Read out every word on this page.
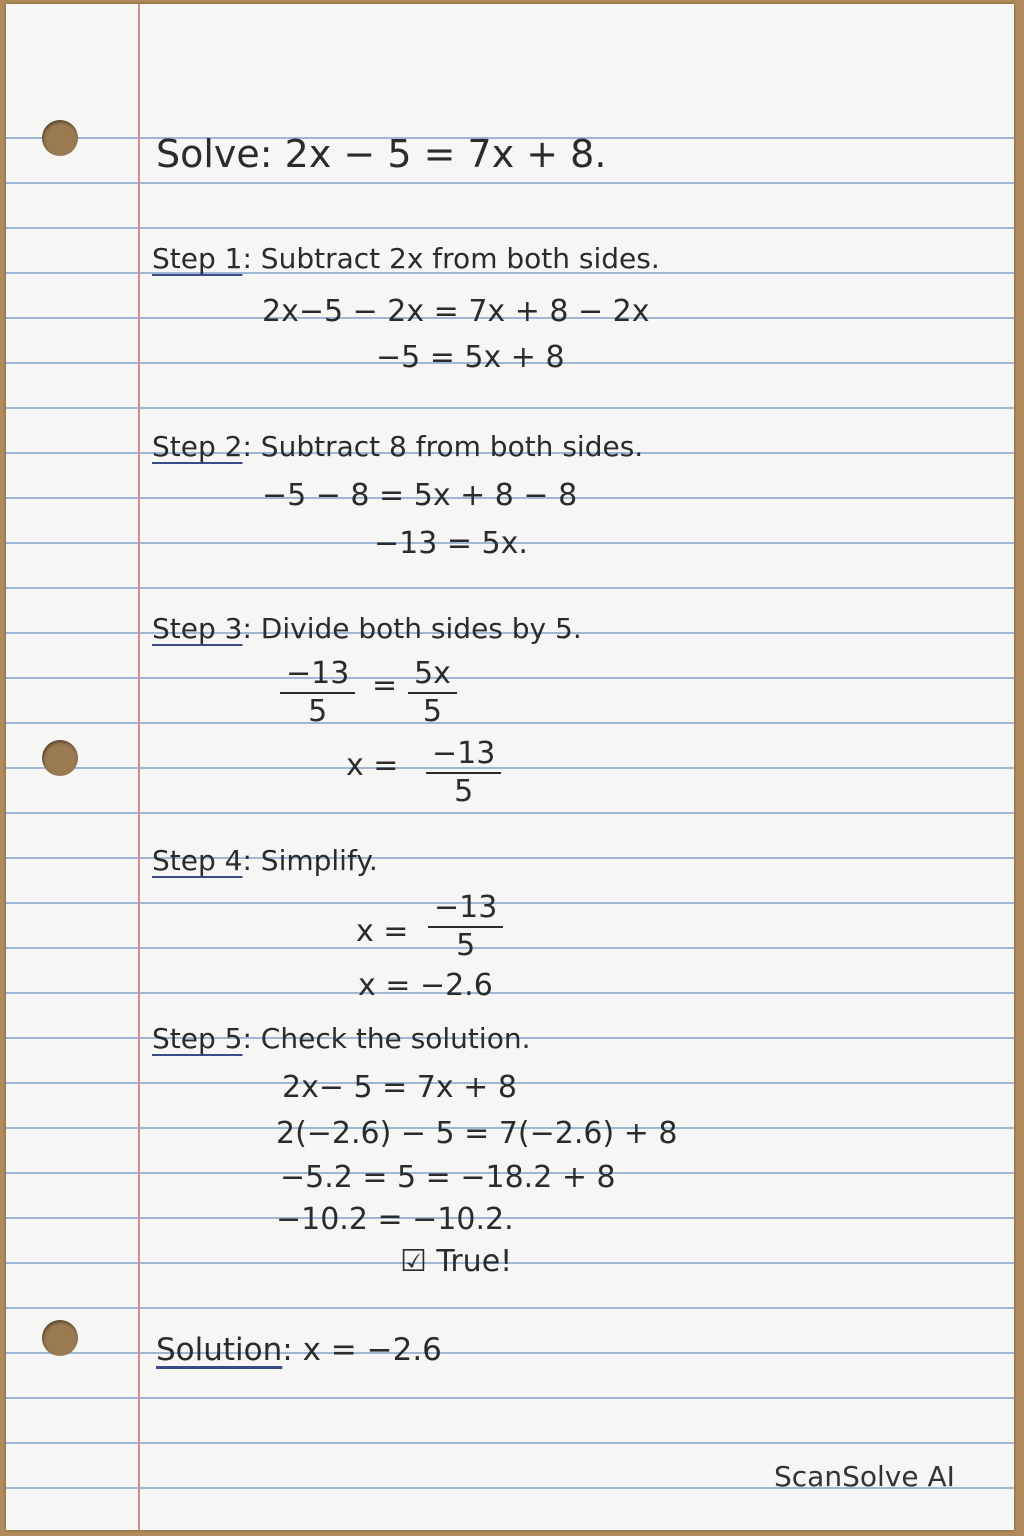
Solve: 2x − 5 = 7x + 8.
Step 1: Subtract 2x from both sides.
2x−5 − 2x = 7x + 8 − 2x
−5 = 5x + 8
Step 2: Subtract 8 from both sides.
−5 − 8 = 5x + 8 − 8
−13 = 5x.
Step 3: Divide both sides by 5.
$\frac{-13}{5} = \frac{5x}{5}$
$x = \frac{-13}{5}$
Step 4: Simplify.
$x = \frac{-13}{5}$
x = −2.6
Step 5: Check the solution.
2x− 5 = 7x + 8
2(−2.6) − 5 = 7(−2.6) + 8
−5.2 = 5 = −18.2 + 8
−10.2 = −10.2.
☑ True!
Solution: x = −2.6
ScanSolve AI
